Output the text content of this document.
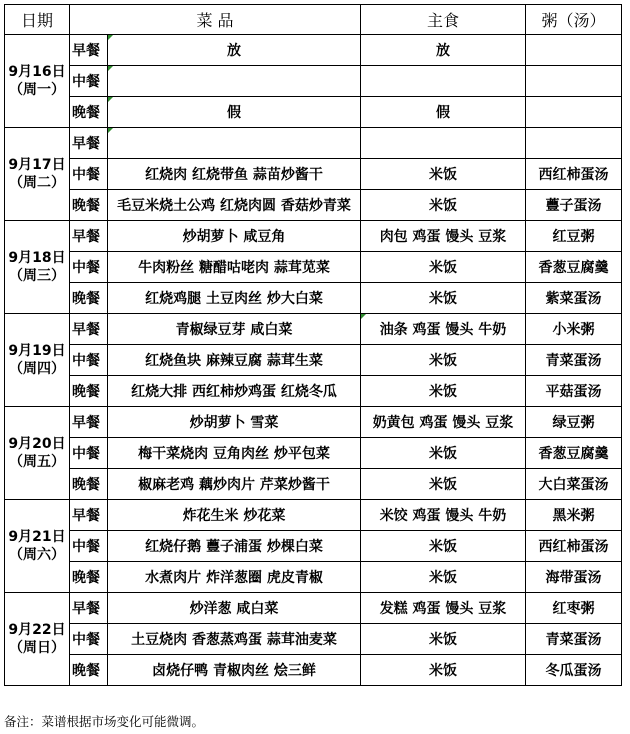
日期	菜 品		主食	粥（汤）

9月16日
（周一）	早餐	放	放	
	中餐			
	晚餐	假	假	

9月17日
（周二）	早餐			
	中餐	红烧肉 红烧带鱼 蒜苗炒酱干	米饭	西红柿蛋汤
	晚餐	毛豆米烧土公鸡 红烧肉圆 香菇炒青菜	米饭	蘴子蛋汤

9月18日
（周三）	早餐	炒胡萝卜 咸豆角	肉包 鸡蛋 馒头 豆浆	红豆粥
	中餐	牛肉粉丝 糖醋咕咾肉 蒜茸苋菜	米饭	香葱豆腐羹
	晚餐	红烧鸡腿 土豆肉丝 炒大白菜	米饭	紫菜蛋汤

9月19日
（周四）	早餐	青椒绿豆芽 咸白菜	油条 鸡蛋 馒头 牛奶	小米粥
	中餐	红烧鱼块 麻辣豆腐 蒜茸生菜	米饭	青菜蛋汤
	晚餐	红烧大排 西红柿炒鸡蛋 红烧冬瓜	米饭	平菇蛋汤

9月20日
（周五）	早餐	炒胡萝卜 雪菜	奶黄包 鸡蛋 馒头 豆浆	绿豆粥
	中餐	梅干菜烧肉 豆角肉丝 炒平包菜	米饭	香葱豆腐羹
	晚餐	椒麻老鸡 藕炒肉片 芹菜炒酱干	米饭	大白菜蛋汤

9月21日
（周六）	早餐	炸花生米 炒花菜	米饺 鸡蛋 馒头 牛奶	黑米粥
	中餐	红烧仔鹅 蘴子浦蛋 炒棵白菜	米饭	西红柿蛋汤
	晚餐	水煮肉片 炸洋葱圈 虎皮青椒	米饭	海带蛋汤

9月22日
（周日）	早餐	炒洋葱 咸白菜	发糕 鸡蛋 馒头 豆浆	红枣粥
	中餐	土豆烧肉 香葱蒸鸡蛋 蒜茸油麦菜	米饭	青菜蛋汤
	晚餐	卤烧仔鸭 青椒肉丝 烩三鲜	米饭	冬瓜蛋汤
备注：菜谱根据市场变化可能微调。
